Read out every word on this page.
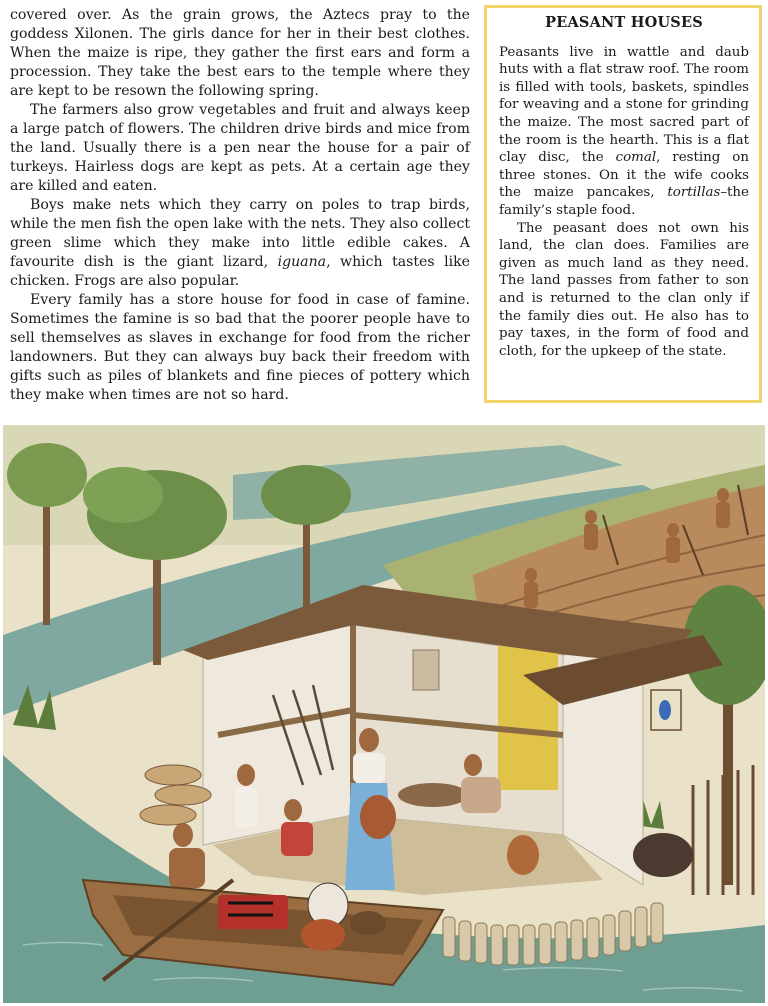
covered over. As the grain grows, the Aztecs pray to the goddess Xilonen. The girls dance for her in their best clothes. When the maize is ripe, they gather the first ears and form a procession. They take the best ears to the temple where they are kept to be resown the following spring.

The farmers also grow vegetables and fruit and always keep a large patch of flowers. The children drive birds and mice from the land. Usually there is a pen near the house for a pair of turkeys. Hairless dogs are kept as pets. At a certain age they are killed and eaten.

Boys make nets which they carry on poles to trap birds, while the men fish the open lake with the nets. They also collect green slime which they make into little edible cakes. A favourite dish is the giant lizard, iguana, which tastes like chicken. Frogs are also popular.

Every family has a store house for food in case of famine. Sometimes the famine is so bad that the poorer people have to sell themselves as slaves in exchange for food from the richer landowners. But they can always buy back their freedom with gifts such as piles of blankets and fine pieces of pottery which they make when times are not so hard.

PEASANT HOUSES

Peasants live in wattle and daub huts with a flat straw roof. The room is filled with tools, baskets, spindles for weaving and a stone for grinding the maize. The most sacred part of the room is the hearth. This is a flat clay disc, the comal, resting on three stones. On it the wife cooks the maize pancakes, tortillas–the family’s staple food.

The peasant does not own his land, the clan does. Families are given as much land as they need. The land passes from father to son and is returned to the clan only if the family dies out. He also has to pay taxes, in the form of food and cloth, for the upkeep of the state.
